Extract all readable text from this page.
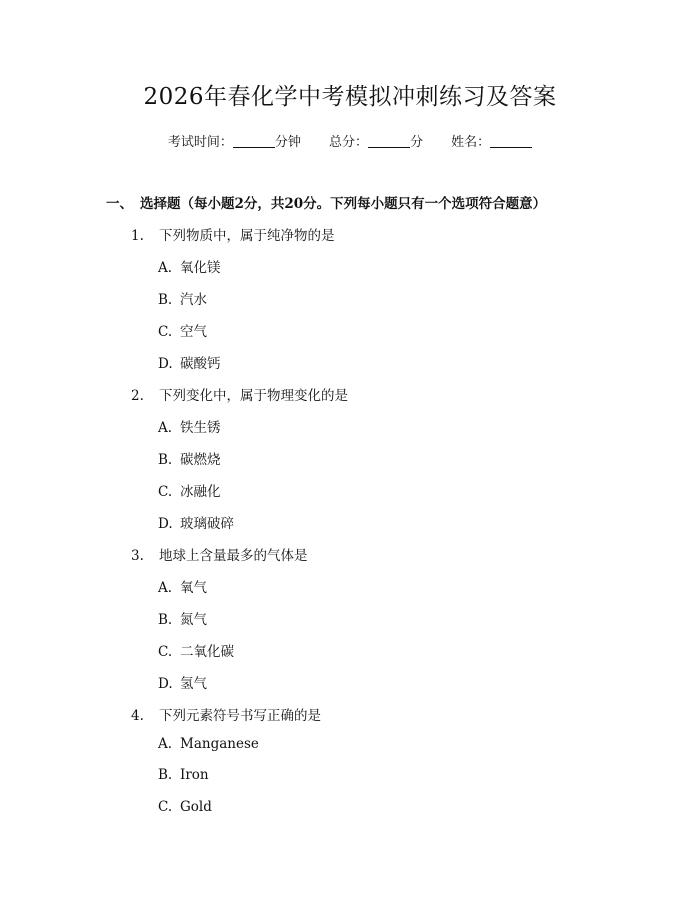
2026年春化学中考模拟冲刺练习及答案
考试时间：	分钟 总分：	分 姓名：
一、 选择题（每小题2分，共20分。下列每小题只有一个选项符合题意）
1. 下列物质中，属于纯净物的是
A. 氧化镁
B. 汽水
C. 空气
D. 碳酸钙
2. 下列变化中，属于物理变化的是
A. 铁生锈
B. 碳燃烧
C. 冰融化
D. 玻璃破碎
3. 地球上含量最多的气体是
A. 氧气
B. 氮气
C. 二氧化碳
D. 氢气
4. 下列元素符号书写正确的是
A. Manganese
B. Iron
C. Gold
